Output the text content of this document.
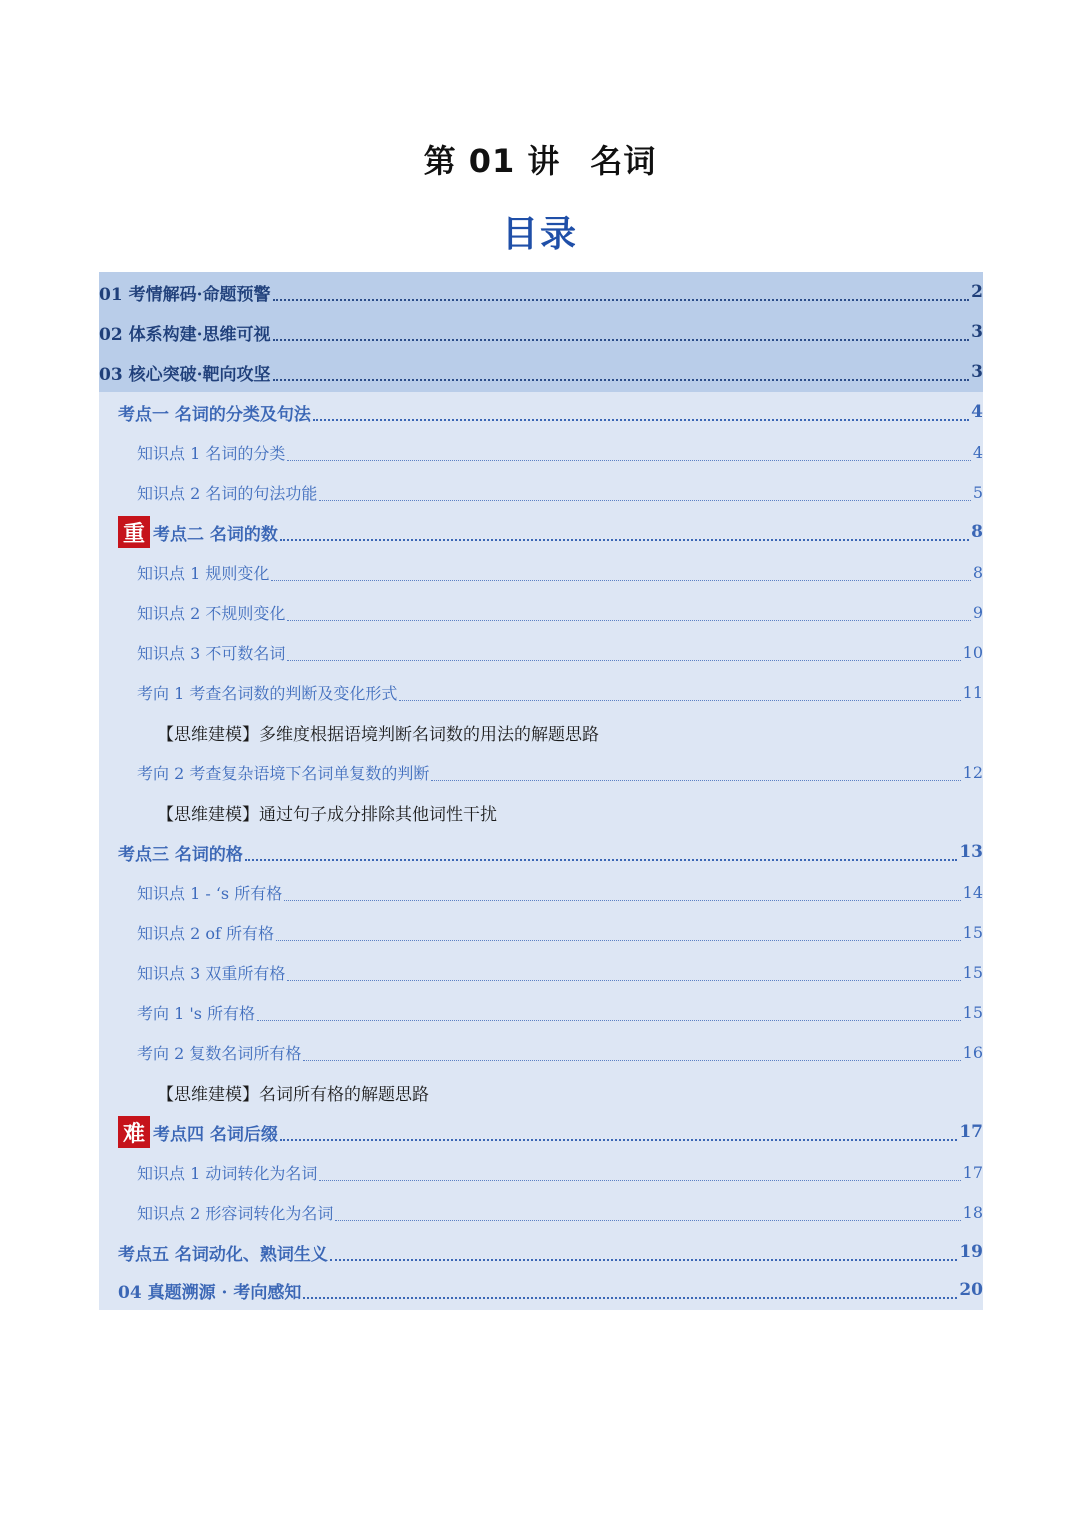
第 01 讲 名词
目录
01 考情解码·命题预警	2
02 体系构建·思维可视	3
03 核心突破·靶向攻坚	3
考点一 名词的分类及句法	4
知识点 1 名词的分类	4
知识点 2 名词的句法功能	5
重 考点二 名词的数	8
知识点 1 规则变化	8
知识点 2 不规则变化	9
知识点 3 不可数名词	10
考向 1 考查名词数的判断及变化形式	11
【思维建模】多维度根据语境判断名词数的用法的解题思路
考向 2 考查复杂语境下名词单复数的判断	12
【思维建模】通过句子成分排除其他词性干扰
考点三 名词的格	13
知识点 1 - ‘s 所有格	14
知识点 2 of 所有格	15
知识点 3 双重所有格	15
考向 1 's 所有格	15
考向 2 复数名词所有格	16
【思维建模】名词所有格的解题思路
难 考点四 名词后缀	17
知识点 1 动词转化为名词	17
知识点 2 形容词转化为名词	18
考点五 名词动化、熟词生义	19
04 真题溯源 · 考向感知	20
